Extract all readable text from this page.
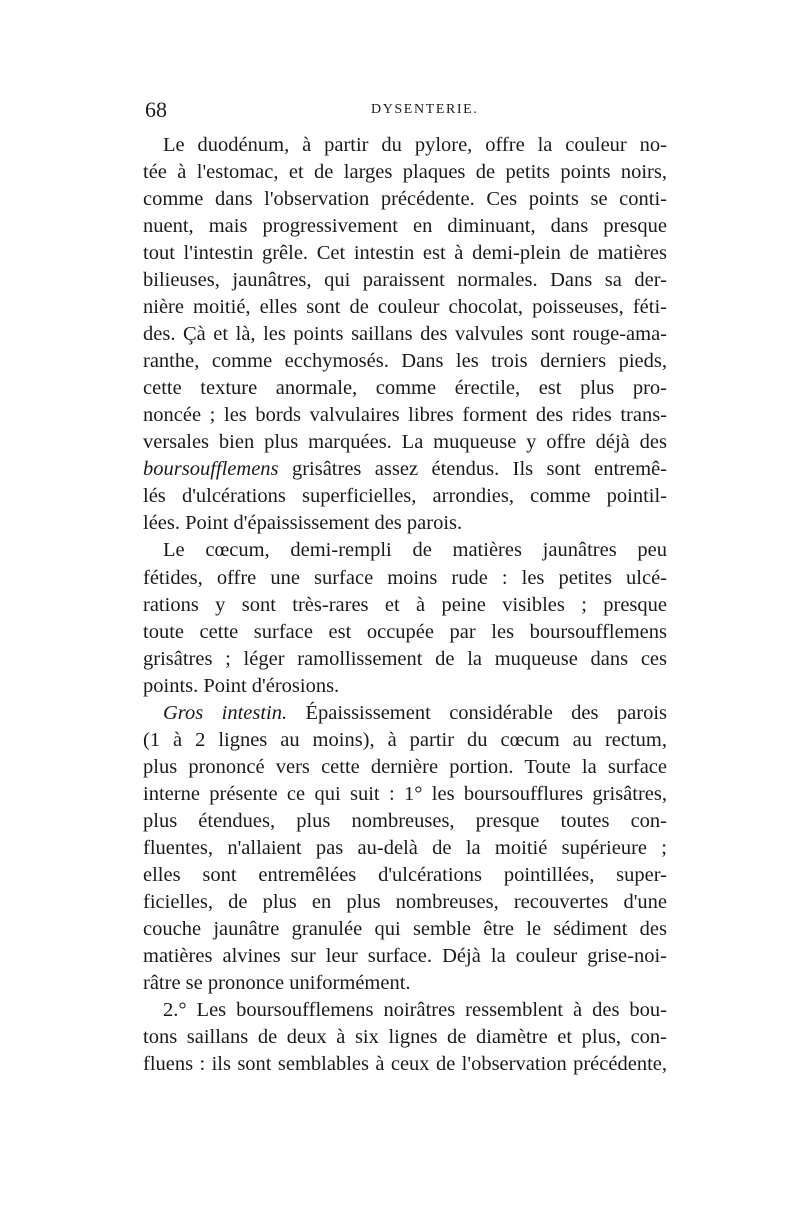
68	DYSENTERIE.
Le duodénum, à partir du pylore, offre la couleur no-
tée à l'estomac, et de larges plaques de petits points noirs,
comme dans l'observation précédente. Ces points se conti-
nuent, mais progressivement en diminuant, dans presque
tout l'intestin grêle. Cet intestin est à demi-plein de matières
bilieuses, jaunâtres, qui paraissent normales. Dans sa der-
nière moitié, elles sont de couleur chocolat, poisseuses, féti-
des. Çà et là, les points saillans des valvules sont rouge-ama-
ranthe, comme ecchymosés. Dans les trois derniers pieds,
cette texture anormale, comme érectile, est plus pro-
noncée ; les bords valvulaires libres forment des rides trans-
versales bien plus marquées. La muqueuse y offre déjà des
boursoufflemens grisâtres assez étendus. Ils sont entremê-
lés d'ulcérations superficielles, arrondies, comme pointil-
lées. Point d'épaississement des parois.
Le cœcum, demi-rempli de matières jaunâtres peu
fétides, offre une surface moins rude : les petites ulcé-
rations y sont très-rares et à peine visibles ; presque
toute cette surface est occupée par les boursoufflemens
grisâtres ; léger ramollissement de la muqueuse dans ces
points. Point d'érosions.
Gros intestin. Épaississement considérable des parois
(1 à 2 lignes au moins), à partir du cœcum au rectum,
plus prononcé vers cette dernière portion. Toute la surface
interne présente ce qui suit : 1° les boursoufflures grisâtres,
plus étendues, plus nombreuses, presque toutes con-
fluentes, n'allaient pas au-delà de la moitié supérieure ;
elles sont entremêlées d'ulcérations pointillées, super-
ficielles, de plus en plus nombreuses, recouvertes d'une
couche jaunâtre granulée qui semble être le sédiment des
matières alvines sur leur surface. Déjà la couleur grise-noi-
râtre se prononce uniformément.
2.° Les boursoufflemens noirâtres ressemblent à des bou-
tons saillans de deux à six lignes de diamètre et plus, con-
fluens : ils sont semblables à ceux de l'observation précédente,
